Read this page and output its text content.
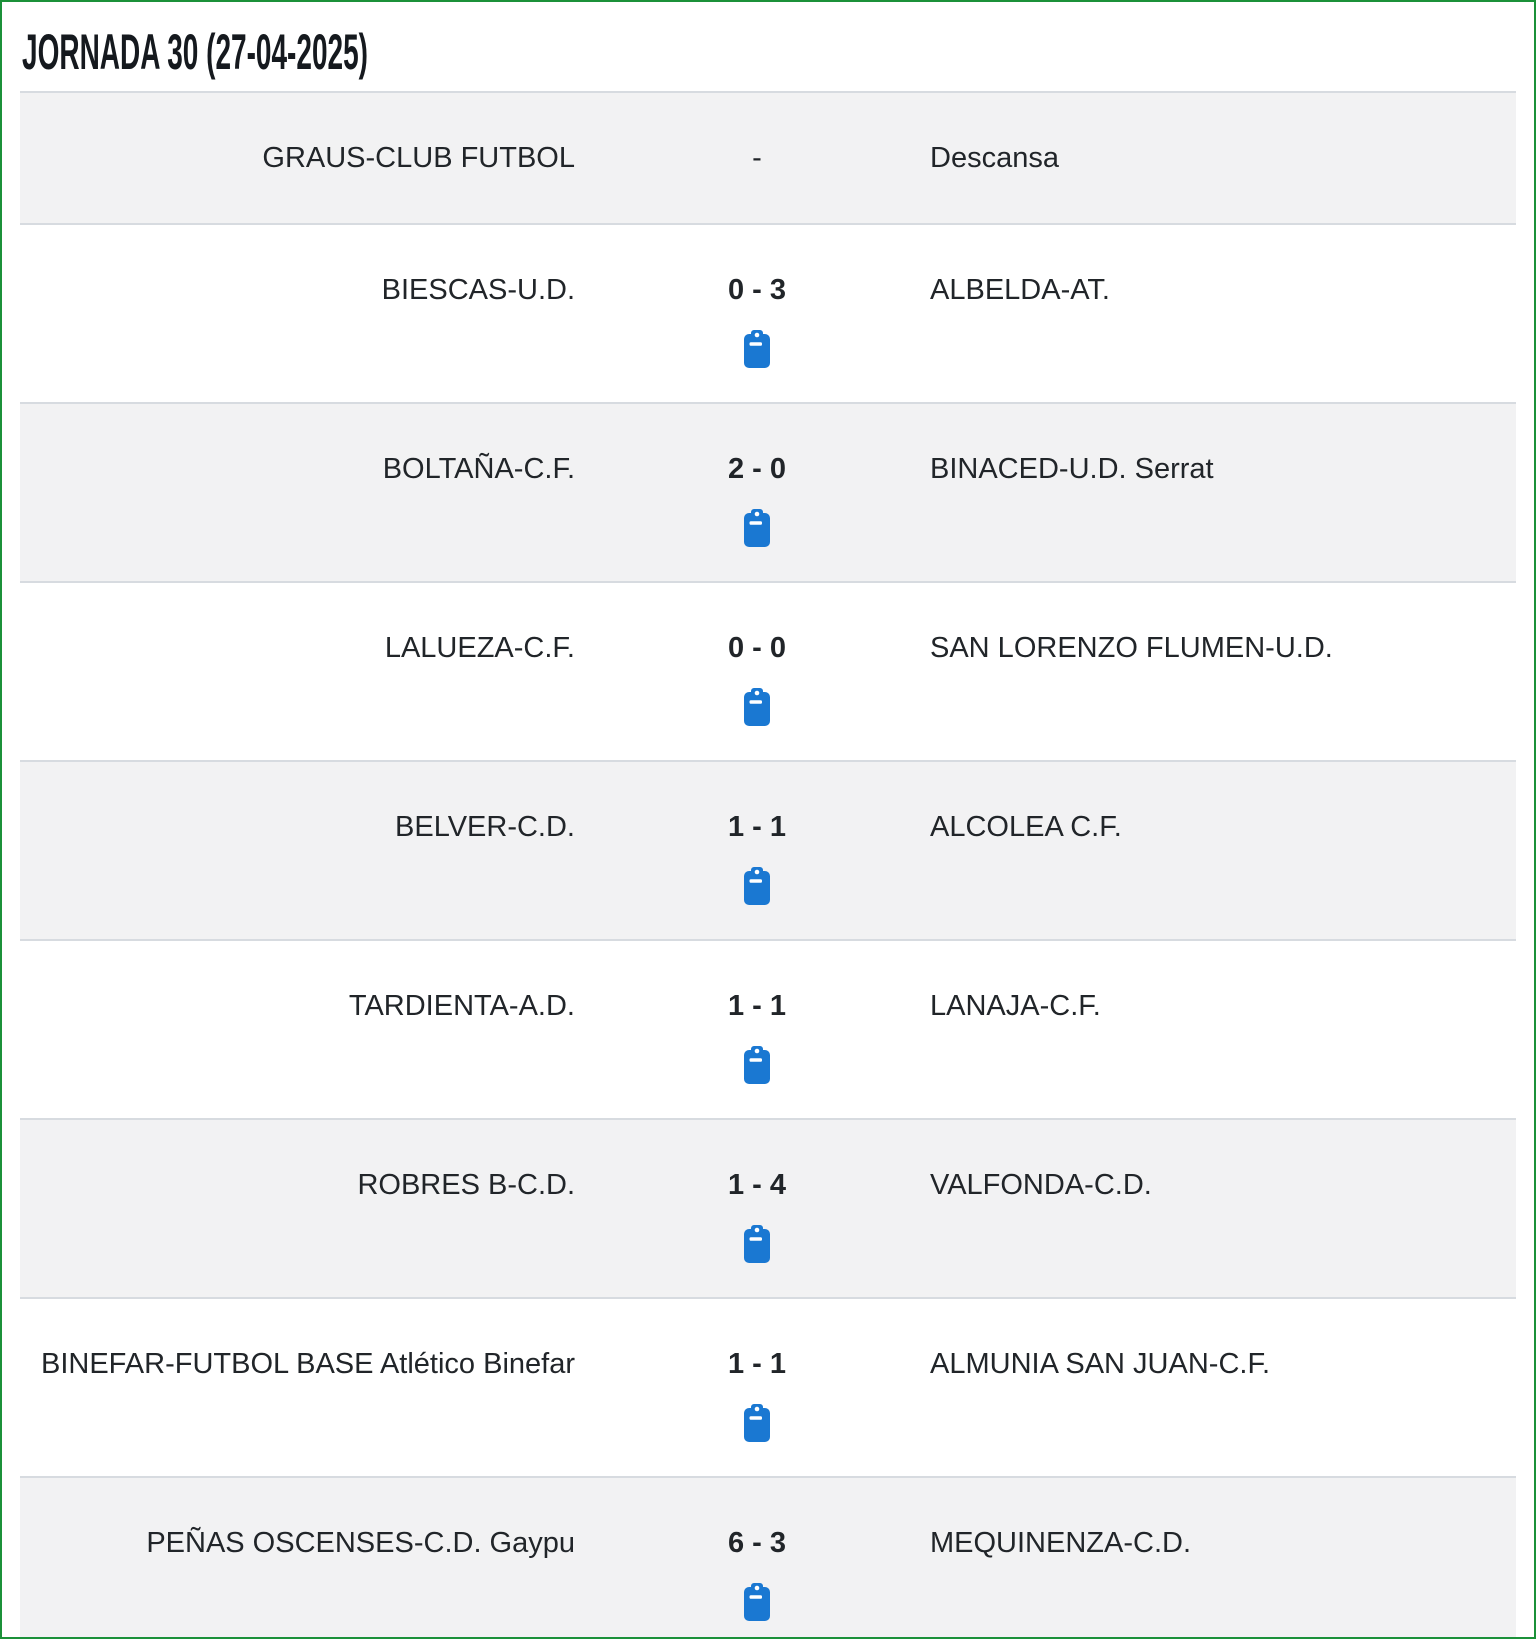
JORNADA 30 (27-04-2025)
GRAUS-CLUB FUTBOL	-	Descansa
BIESCAS-U.D.	0 - 3	ALBELDA-AT.
BOLTAÑA-C.F.	2 - 0	BINACED-U.D. Serrat
LALUEZA-C.F.	0 - 0	SAN LORENZO FLUMEN-U.D.
BELVER-C.D.	1 - 1	ALCOLEA C.F.
TARDIENTA-A.D.	1 - 1	LANAJA-C.F.
ROBRES B-C.D.	1 - 4	VALFONDA-C.D.
BINEFAR-FUTBOL BASE Atlético Binefar	1 - 1	ALMUNIA SAN JUAN-C.F.
PEÑAS OSCENSES-C.D. Gaypu	6 - 3	MEQUINENZA-C.D.
